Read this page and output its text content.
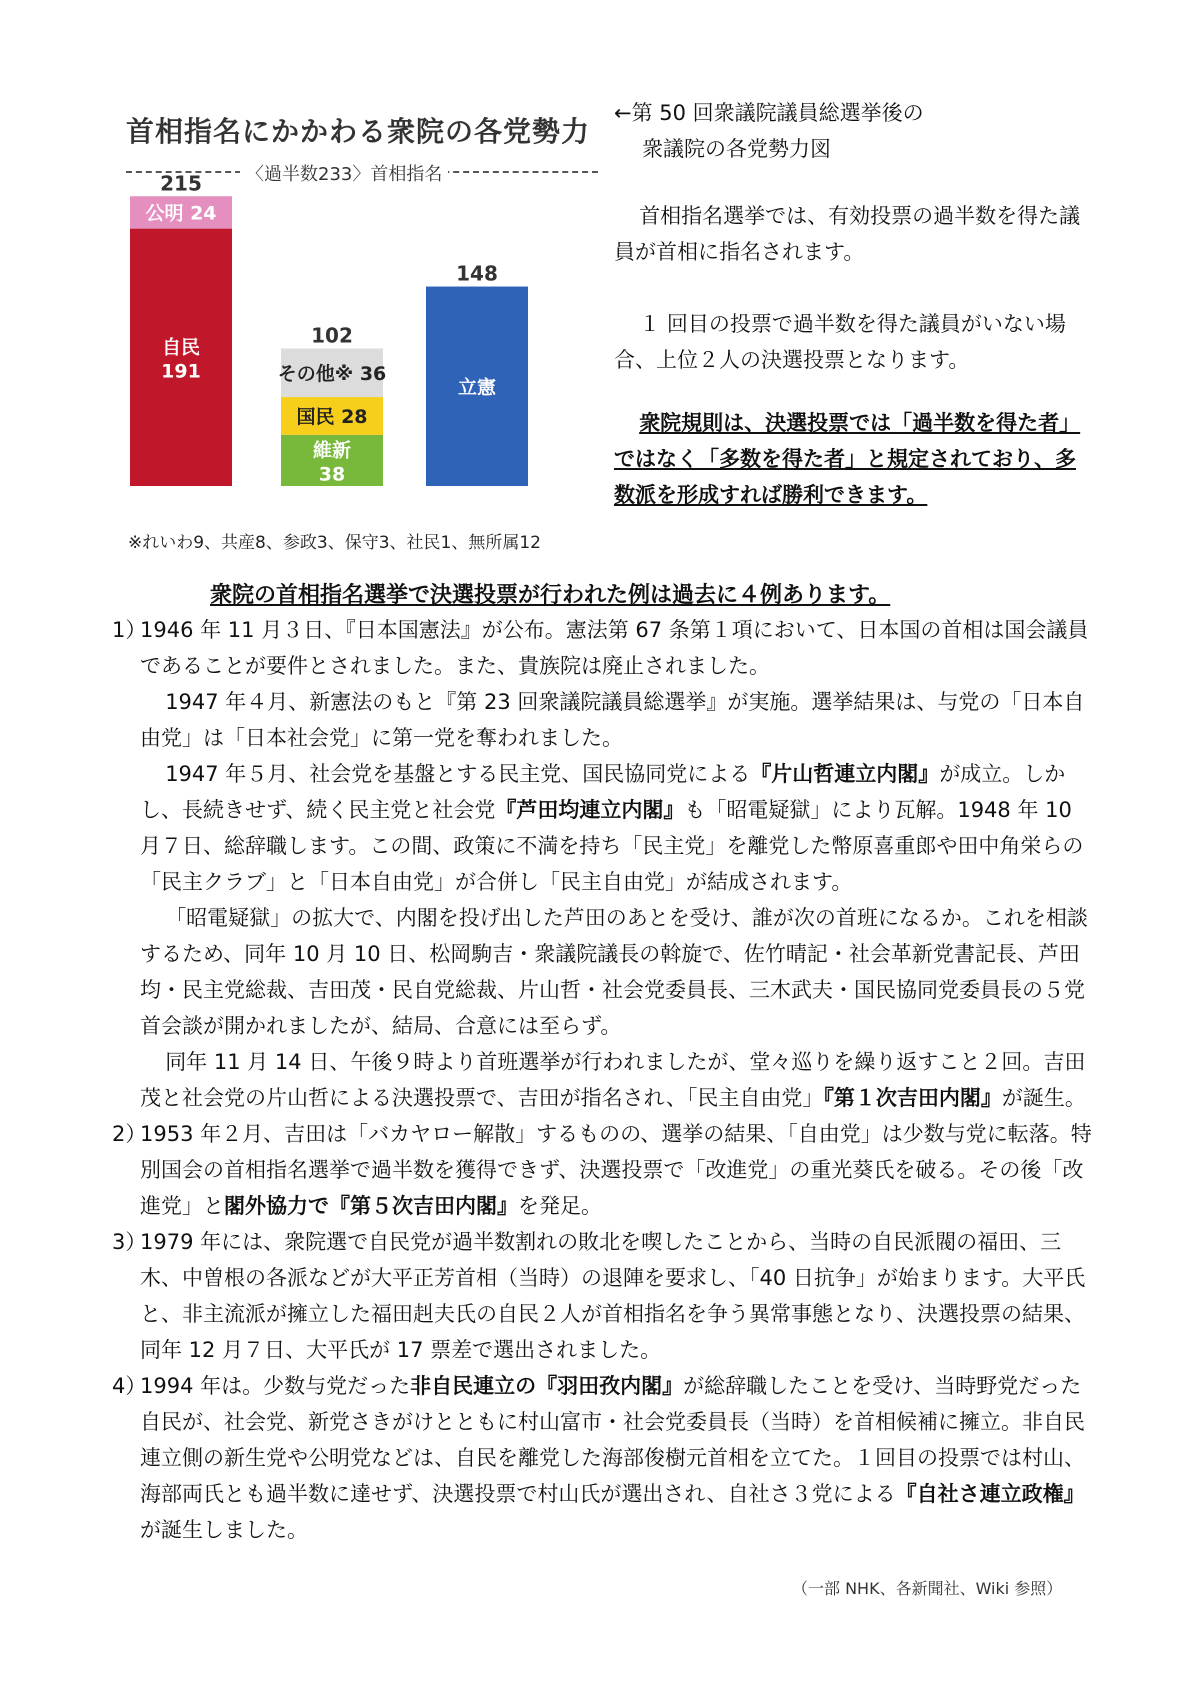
首相指名にかかわる衆院の各党勢力
〈過半数233〉首相指名
自民
191
公明 24
215
維新
38
国民 28
その他※ 36
102
立憲
148
※れいわ9、共産8、参政3、保守3、社民1、無所属12
←第 50 回衆議院議員総選挙後の
衆議院の各党勢力図

首相指名選挙では、有効投票の過半数を得た議員が首相に指名されます。

１ 回目の投票で過半数を得た議員がいない場合、上位２人の決選投票となります。

衆院規則は、決選投票では「過半数を得た者」ではなく「多数を得た者」と規定されており、多数派を形成すれば勝利できます。

衆院の首相指名選挙で決選投票が行われた例は過去に４例あります。

1）1946 年 11 月３日、『日本国憲法』が公布。憲法第 67 条第１項において、日本国の首相は国会議員であることが要件とされました。また、貴族院は廃止されました。

1947 年４月、新憲法のもと『第 23 回衆議院議員総選挙』が実施。選挙結果は、与党の「日本自由党」は「日本社会党」に第一党を奪われました。

1947 年５月、社会党を基盤とする民主党、国民協同党による『片山哲連立内閣』が成立。しかし、長続きせず、続く民主党と社会党『芦田均連立内閣』も「昭電疑獄」により瓦解。1948 年 10 月７日、総辞職します。この間、政策に不満を持ち「民主党」を離党した幣原喜重郎や田中角栄らの「民主クラブ」と「日本自由党」が合併し「民主自由党」が結成されます。

「昭電疑獄」の拡大で、内閣を投げ出した芦田のあとを受け、誰が次の首班になるか。これを相談するため、同年 10 月 10 日、松岡駒吉・衆議院議長の斡旋で、佐竹晴記・社会革新党書記長、芦田均・民主党総裁、吉田茂・民自党総裁、片山哲・社会党委員長、三木武夫・国民協同党委員長の５党首会談が開かれましたが、結局、合意には至らず。

同年 11 月 14 日、午後９時より首班選挙が行われましたが、堂々巡りを繰り返すこと２回。吉田茂と社会党の片山哲による決選投票で、吉田が指名され、「民主自由党」『第１次吉田内閣』が誕生。

2）1953 年２月、吉田は「バカヤロー解散」するものの、選挙の結果、「自由党」は少数与党に転落。特別国会の首相指名選挙で過半数を獲得できず、決選投票で「改進党」の重光葵氏を破る。その後「改進党」と閣外協力で『第５次吉田内閣』を発足。

3）1979 年には、衆院選で自民党が過半数割れの敗北を喫したことから、当時の自民派閥の福田、三木、中曽根の各派などが大平正芳首相（当時）の退陣を要求し、「40 日抗争」が始まります。大平氏と、非主流派が擁立した福田赳夫氏の自民２人が首相指名を争う異常事態となり、決選投票の結果、同年 12 月７日、大平氏が 17 票差で選出されました。

4）1994 年は。少数与党だった非自民連立の『羽田孜内閣』が総辞職したことを受け、当時野党だった自民が、社会党、新党さきがけとともに村山富市・社会党委員長（当時）を首相候補に擁立。非自民連立側の新生党や公明党などは、自民を離党した海部俊樹元首相を立てた。１回目の投票では村山、海部両氏とも過半数に達せず、決選投票で村山氏が選出され、自社さ３党による『自社さ連立政権』が誕生しました。

（一部 NHK、各新聞社、Wiki 参照）
